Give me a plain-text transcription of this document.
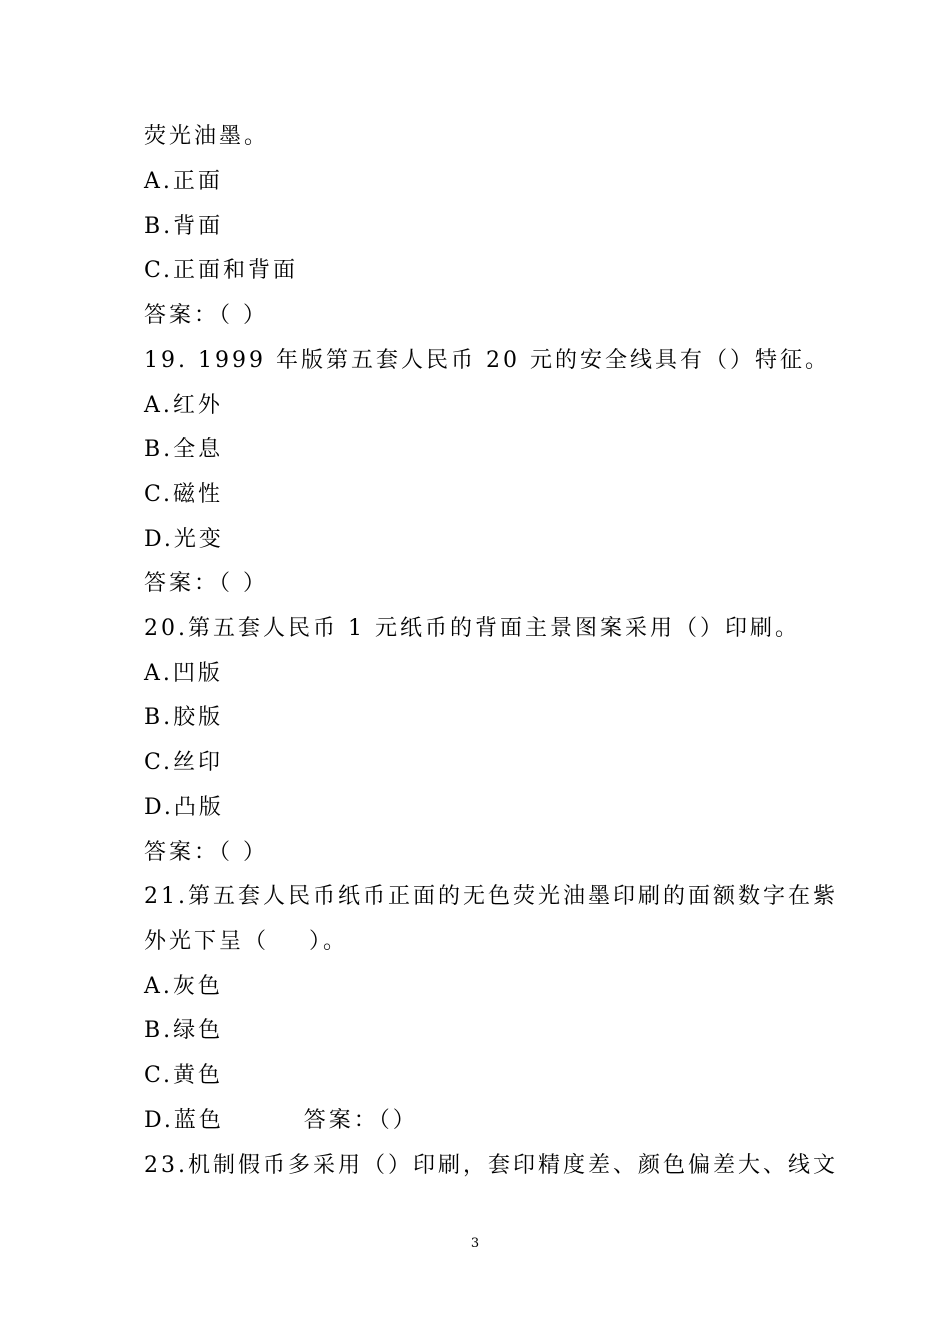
荧光油墨。
A.正面
B.背面
C.正面和背面
答案：（ ）
19. 1999 年版第五套人民币 20 元的安全线具有（）特征。
A.红外
B.全息
C.磁性
D.光变
答案：（ ）
20.第五套人民币 1 元纸币的背面主景图案采用（）印刷。
A.凹版
B.胶版
C.丝印
D.凸版
答案：（ ）
21.第五套人民币纸币正面的无色荧光油墨印刷的面额数字在紫
外光下呈（    ）。
A.灰色
B.绿色
C.黄色
D.蓝色        答案：（）
23.机制假币多采用（）印刷，套印精度差、颜色偏差大、线文
3
